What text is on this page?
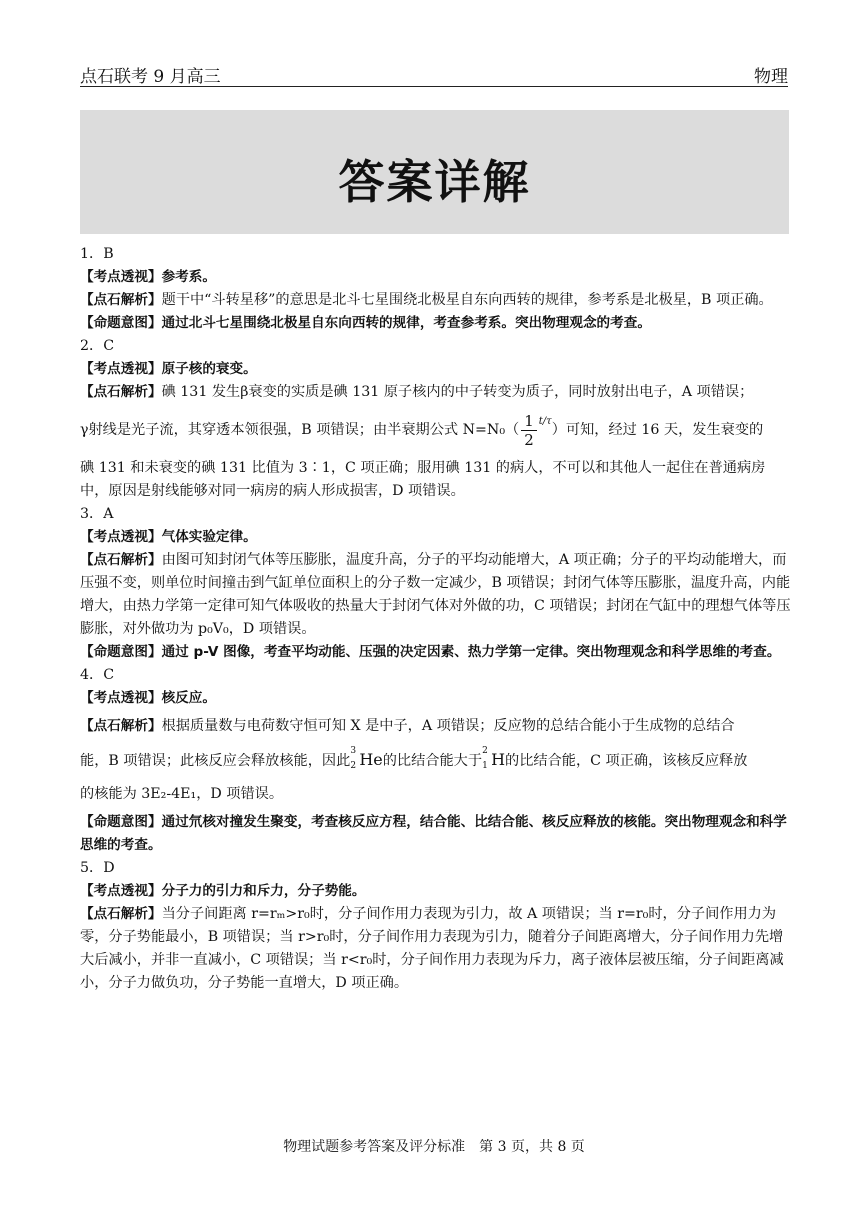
点石联考 9 月高三	物理
答案详解

1．B

【考点透视】参考系。

【点石解析】题干中“斗转星移”的意思是北斗七星围绕北极星自东向西转的规律，参考系是北极星，B 项正确。

【命题意图】通过北斗七星围绕北极星自东向西转的规律，考查参考系。突出物理观念的考查。

2．C

【考点透视】原子核的衰变。

【点石解析】碘 131 发生β衰变的实质是碘 131 原子核内的中子转变为质子，同时放射出电子，A 项错误；

γ射线是光子流，其穿透本领很强，B 项错误；由半衰期公式 $N=N_0( \frac{1}{2} ^{t/\tau})$可知，经过 16 天，发生衰变的

碘 131 和未衰变的碘 131 比值为 3∶1，C 项正确；服用碘 131 的病人，不可以和其他人一起住在普通病房中，原因是射线能够对同一病房的病人形成损害，D 项错误。

3．A

【考点透视】气体实验定律。

【点石解析】由图可知封闭气体等压膨胀，温度升高，分子的平均动能增大，A 项正确；分子的平均动能增大，而压强不变，则单位时间撞击到气缸单位面积上的分子数一定减少，B 项错误；封闭气体等压膨胀，温度升高，内能增大，由热力学第一定律可知气体吸收的热量大于封闭气体对外做的功，C 项错误；封闭在气缸中的理想气体等压膨胀，对外做功为 p₀V₀，D 项错误。

【命题意图】通过 p-V 图像，考查平均动能、压强的决定因素、热力学第一定律。突出物理观念和科学思维的考查。

4．C

【考点透视】核反应。

【点石解析】根据质量数与电荷数守恒可知 X 是中子，A 项错误；反应物的总结合能小于生成物的总结合

能，B 项错误；此核反应会释放核能，因此
3
2 He的比结合能大于
2
1 H的比结合能，C 项正确，该核反应释放

的核能为 3E₂-4E₁，D 项错误。

【命题意图】通过氘核对撞发生聚变，考查核反应方程，结合能、比结合能、核反应释放的核能。突出物理观念和科学思维的考查。

5．D

【考点透视】分子力的引力和斥力，分子势能。

【点石解析】当分子间距离 r=rₘ>r₀时，分子间作用力表现为引力，故 A 项错误；当 r=r₀时，分子间作用力为零，分子势能最小，B 项错误；当 r>r₀时，分子间作用力表现为引力，随着分子间距离增大，分子间作用力先增大后减小，并非一直减小，C 项错误；当 r<r₀时，分子间作用力表现为斥力，离子液体层被压缩，分子间距离减小，分子力做负功，分子势能一直增大，D 项正确。

物理试题参考答案及评分标准　第 3 页，共 8 页
